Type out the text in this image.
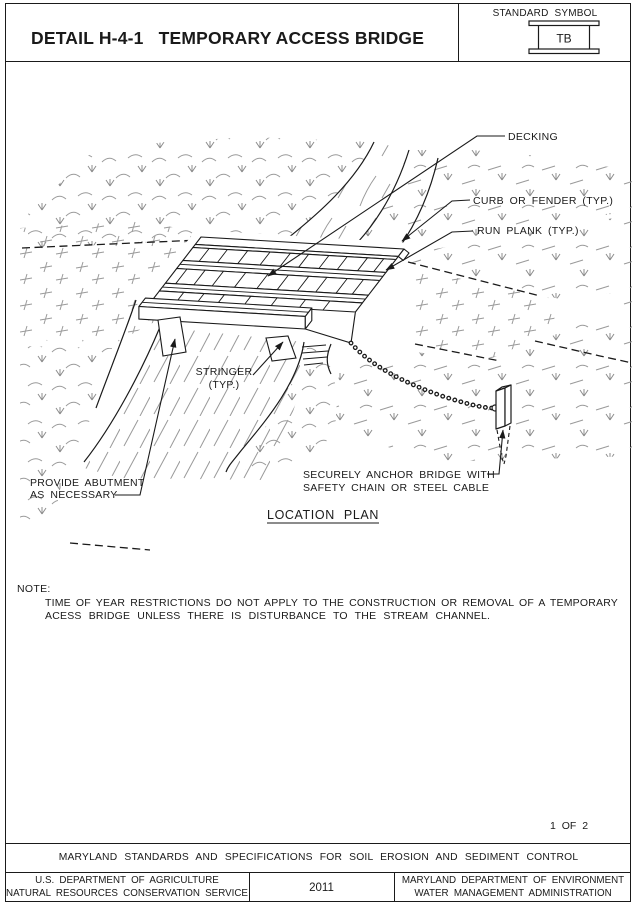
DETAIL H-4-1 TEMPORARY ACCESS BRIDGE
STANDARD SYMBOL
TB
DECKING
CURB OR FENDER (TYP.)
RUN PLANK (TYP.)
STRINGER
(TYP.)
PROVIDE ABUTMENT
AS NECESSARY
SECURELY ANCHOR BRIDGE WITH
SAFETY CHAIN OR STEEL CABLE
LOCATION PLAN
NOTE:
TIME OF YEAR RESTRICTIONS DO NOT APPLY TO THE CONSTRUCTION OR REMOVAL OF A TEMPORARY
ACESS BRIDGE UNLESS THERE IS DISTURBANCE TO THE STREAM CHANNEL.
1 OF 2
MARYLAND STANDARDS AND SPECIFICATIONS FOR SOIL EROSION AND SEDIMENT CONTROL
U.S. DEPARTMENT OF AGRICULTURE
NATURAL RESOURCES CONSERVATION SERVICE	2011
MARYLAND DEPARTMENT OF ENVIRONMENT
WATER MANAGEMENT ADMINISTRATION
